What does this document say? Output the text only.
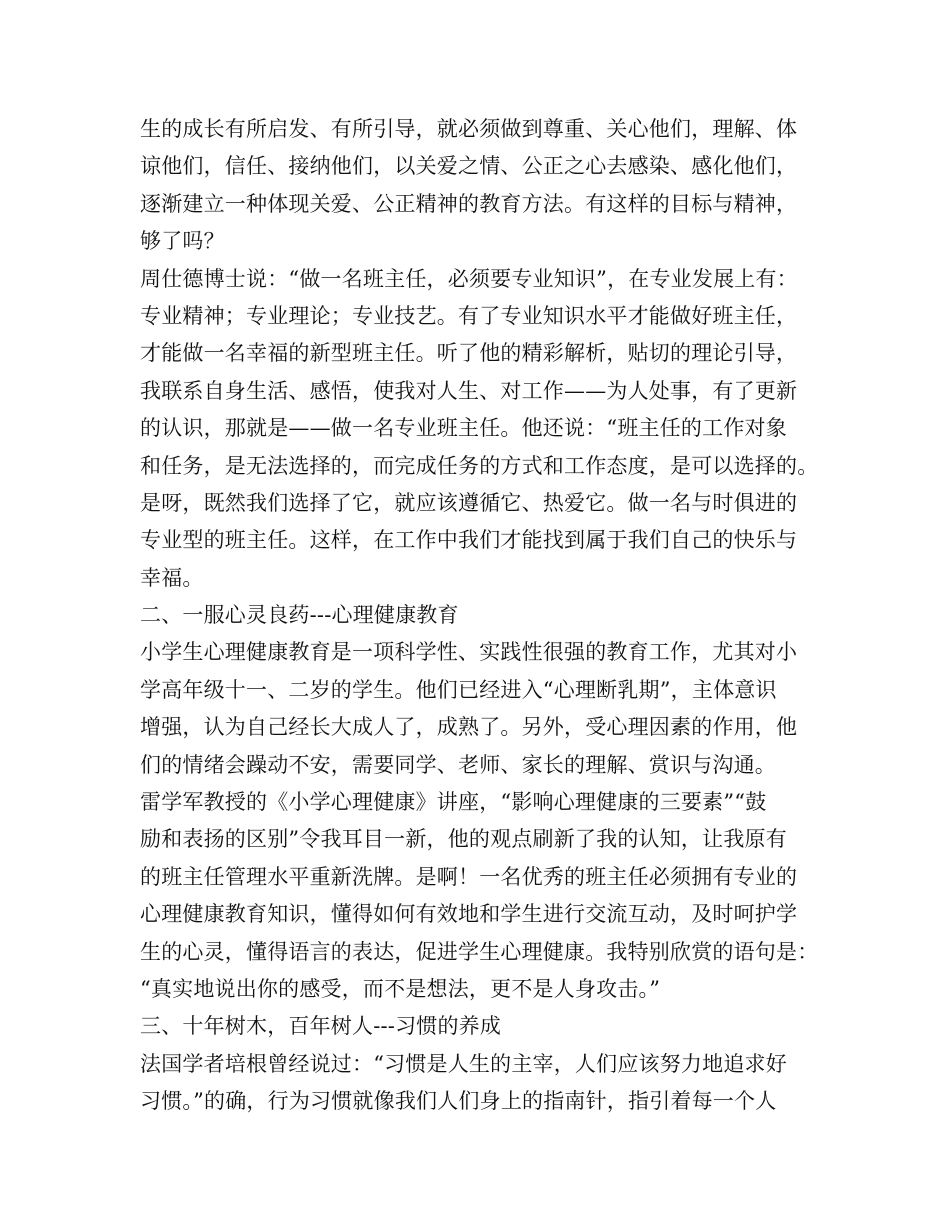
生的成长有所启发、有所引导，就必须做到尊重、关心他们，理解、体
谅他们，信任、接纳他们，以关爱之情、公正之心去感染、感化他们，
逐渐建立一种体现关爱、公正精神的教育方法。有这样的目标与精神，
够了吗？
周仕德博士说：“做一名班主任，必须要专业知识”，在专业发展上有：
专业精神；专业理论；专业技艺。有了专业知识水平才能做好班主任，
才能做一名幸福的新型班主任。听了他的精彩解析，贴切的理论引导，
我联系自身生活、感悟，使我对人生、对工作——为人处事，有了更新
的认识，那就是——做一名专业班主任。他还说：“班主任的工作对象
和任务，是无法选择的，而完成任务的方式和工作态度，是可以选择的。
是呀，既然我们选择了它，就应该遵循它、热爱它。做一名与时俱进的
专业型的班主任。这样，在工作中我们才能找到属于我们自己的快乐与
幸福。
二、一服心灵良药---心理健康教育
小学生心理健康教育是一项科学性、实践性很强的教育工作，尤其对小
学高年级十一、二岁的学生。他们已经进入“心理断乳期”，主体意识
增强，认为自己经长大成人了，成熟了。另外，受心理因素的作用，他
们的情绪会躁动不安，需要同学、老师、家长的理解、赏识与沟通。
雷学军教授的《小学心理健康》讲座，“影响心理健康的三要素”“鼓
励和表扬的区别”令我耳目一新，他的观点刷新了我的认知，让我原有
的班主任管理水平重新洗牌。是啊！一名优秀的班主任必须拥有专业的
心理健康教育知识，懂得如何有效地和学生进行交流互动，及时呵护学
生的心灵，懂得语言的表达，促进学生心理健康。我特别欣赏的语句是：
“真实地说出你的感受，而不是想法，更不是人身攻击。”
三、十年树木，百年树人---习惯的养成
法国学者培根曾经说过：“习惯是人生的主宰，人们应该努力地追求好
习惯。”的确，行为习惯就像我们人们身上的指南针，指引着每一个人
